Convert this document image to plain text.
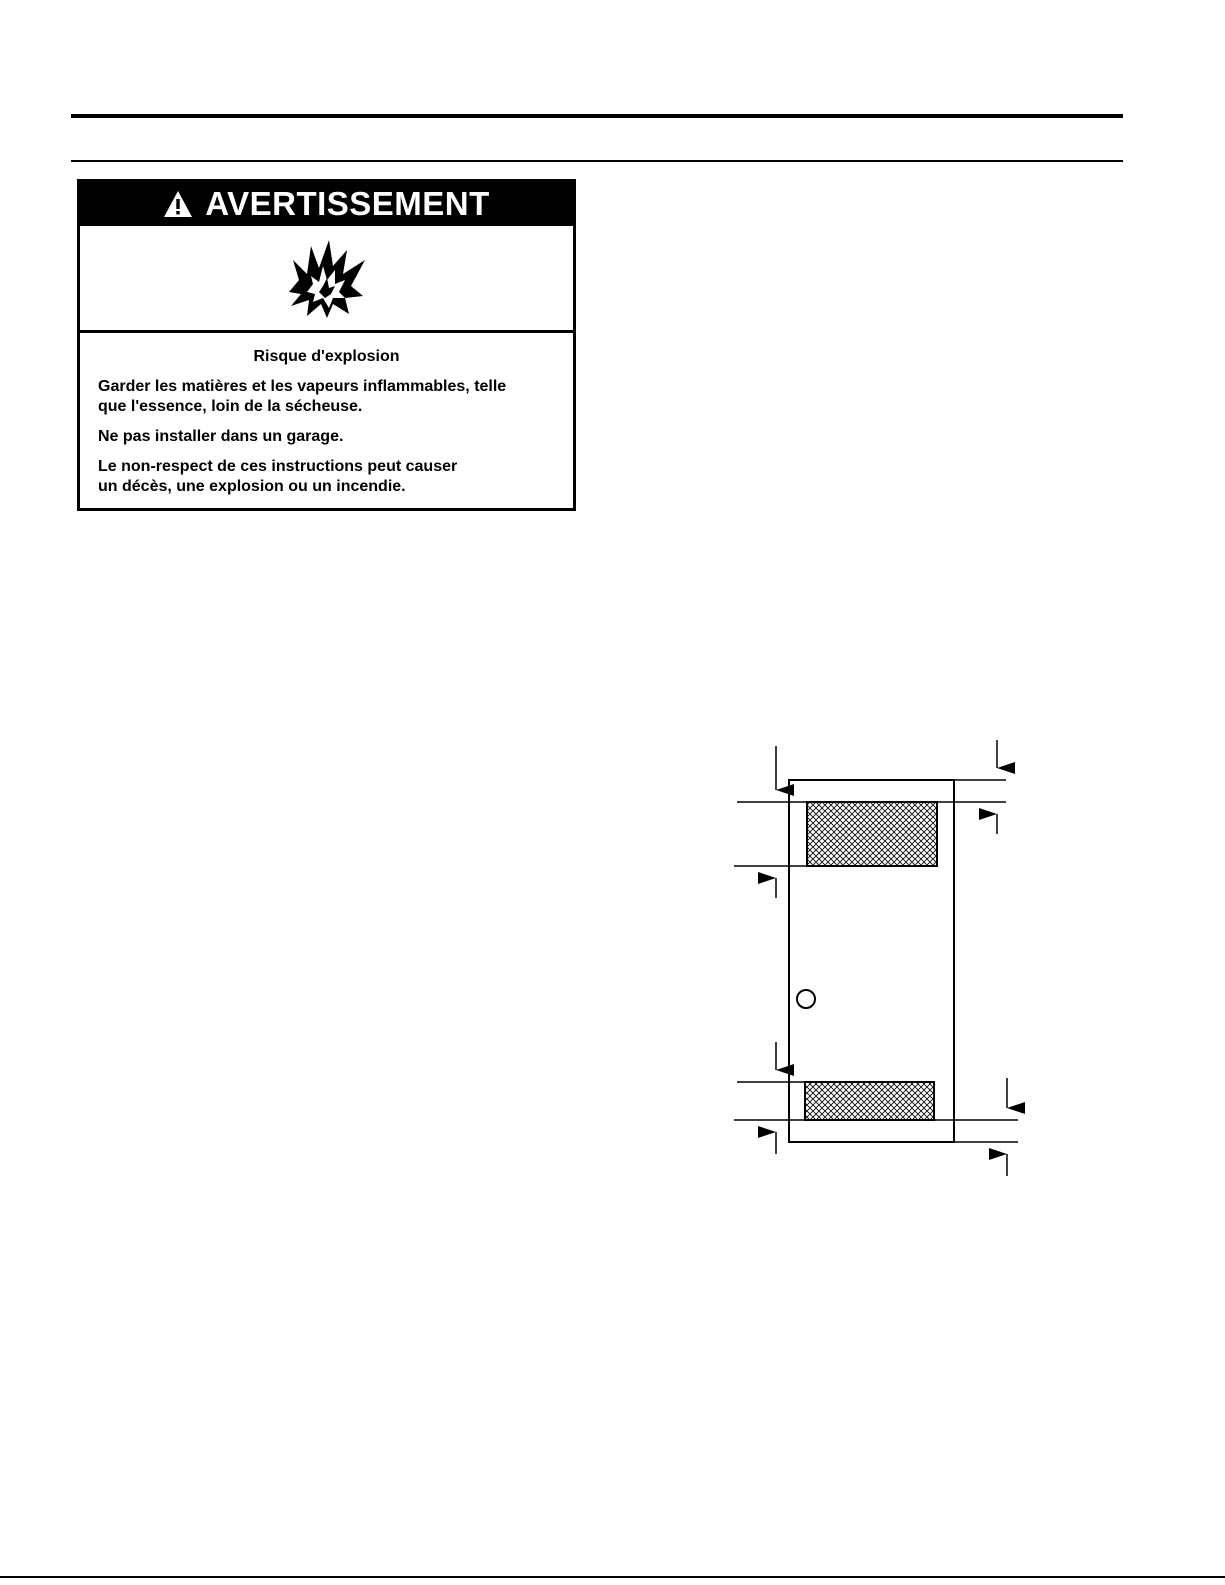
AVERTISSEMENT

Risque d'explosion

Garder les matières et les vapeurs inflammables, telle
que l'essence, loin de la sécheuse.

Ne pas installer dans un garage.

Le non-respect de ces instructions peut causer
un décès, une explosion ou un incendie.
